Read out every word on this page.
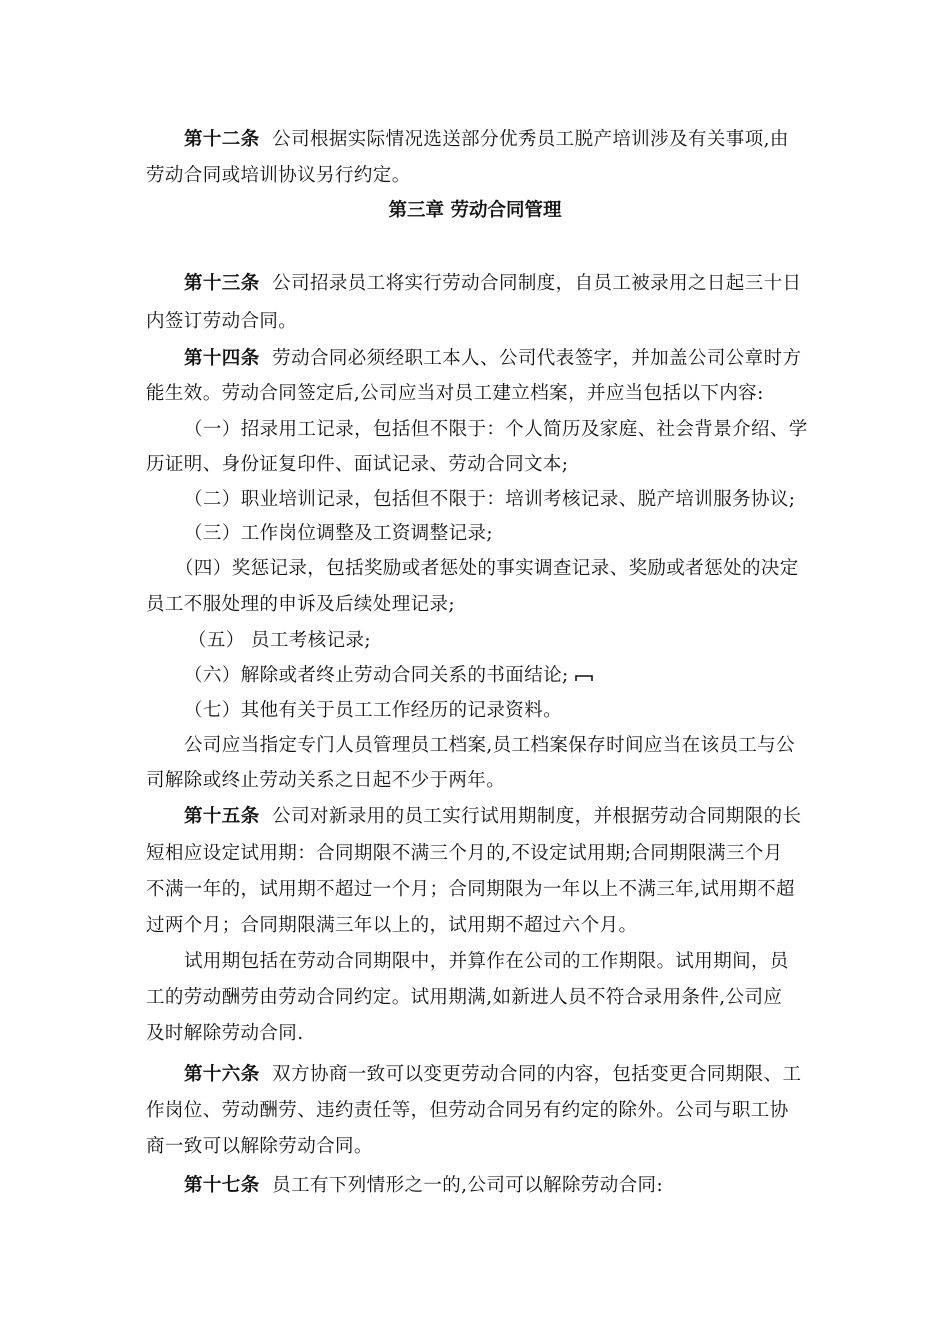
第十二条 公司根据实际情况选送部分优秀员工脱产培训涉及有关事项,由
劳动合同或培训协议另行约定。
第三章 劳动合同管理
第十三条 公司招录员工将实行劳动合同制度，自员工被录用之日起三十日
内签订劳动合同。
第十四条 劳动合同必须经职工本人、公司代表签字，并加盖公司公章时方
能生效。劳动合同签定后,公司应当对员工建立档案，并应当包括以下内容:
（一）招录用工记录，包括但不限于：个人简历及家庭、社会背景介绍、学
历证明、身份证复印件、面试记录、劳动合同文本;
（二）职业培训记录，包括但不限于：培训考核记录、脱产培训服务协议;
（三）工作岗位调整及工资调整记录;
（四）奖惩记录，包括奖励或者惩处的事实调查记录、奖励或者惩处的决定
员工不服处理的申诉及后续处理记录;
（五） 员工考核记录;
（六）解除或者终止劳动合同关系的书面结论;
（七）其他有关于员工工作经历的记录资料。
公司应当指定专门人员管理员工档案,员工档案保存时间应当在该员工与公
司解除或终止劳动关系之日起不少于两年。
第十五条 公司对新录用的员工实行试用期制度，并根据劳动合同期限的长
短相应设定试用期：合同期限不满三个月的,不设定试用期;合同期限满三个月
不满一年的，试用期不超过一个月；合同期限为一年以上不满三年,试用期不超
过两个月；合同期限满三年以上的，试用期不超过六个月。
试用期包括在劳动合同期限中，并算作在公司的工作期限。试用期间，员
工的劳动酬劳由劳动合同约定。试用期满,如新进人员不符合录用条件,公司应
及时解除劳动合同.
第十六条 双方协商一致可以变更劳动合同的内容，包括变更合同期限、工
作岗位、劳动酬劳、违约责任等，但劳动合同另有约定的除外。公司与职工协
商一致可以解除劳动合同。
第十七条 员工有下列情形之一的,公司可以解除劳动合同:
